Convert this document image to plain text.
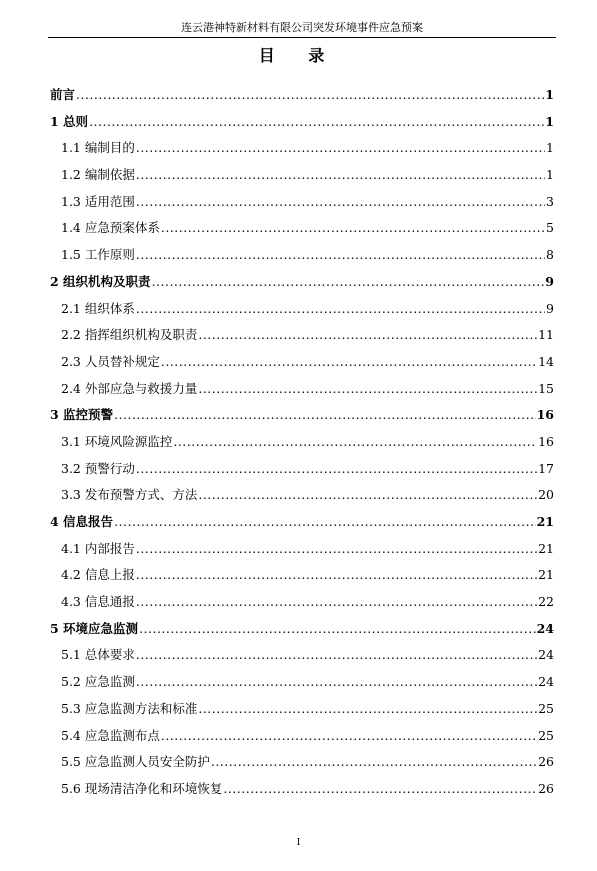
连云港神特新材料有限公司突发环境事件应急预案
目 录
前言 .....	1
1 总则 .....	1
1.1 编制目的 .....	1
1.2 编制依据 .....	1
1.3 适用范围 .....	3
1.4 应急预案体系 .....	5
1.5 工作原则 .....	8
2 组织机构及职责 .....	9
2.1 组织体系 .....	9
2.2 指挥组织机构及职责 .....	11
2.3 人员替补规定 .....	14
2.4 外部应急与救援力量 .....	15
3 监控预警 .....	16
3.1 环境风险源监控 .....	16
3.2 预警行动 .....	17
3.3 发布预警方式、方法 .....	20
4 信息报告 .....	21
4.1 内部报告 .....	21
4.2 信息上报 .....	21
4.3 信息通报 .....	22
5 环境应急监测 .....	24
5.1 总体要求 .....	24
5.2 应急监测 .....	24
5.3 应急监测方法和标准 .....	25
5.4 应急监测布点 .....	25
5.5 应急监测人员安全防护 .....	26
5.6 现场清洁净化和环境恢复 .....	26
I
